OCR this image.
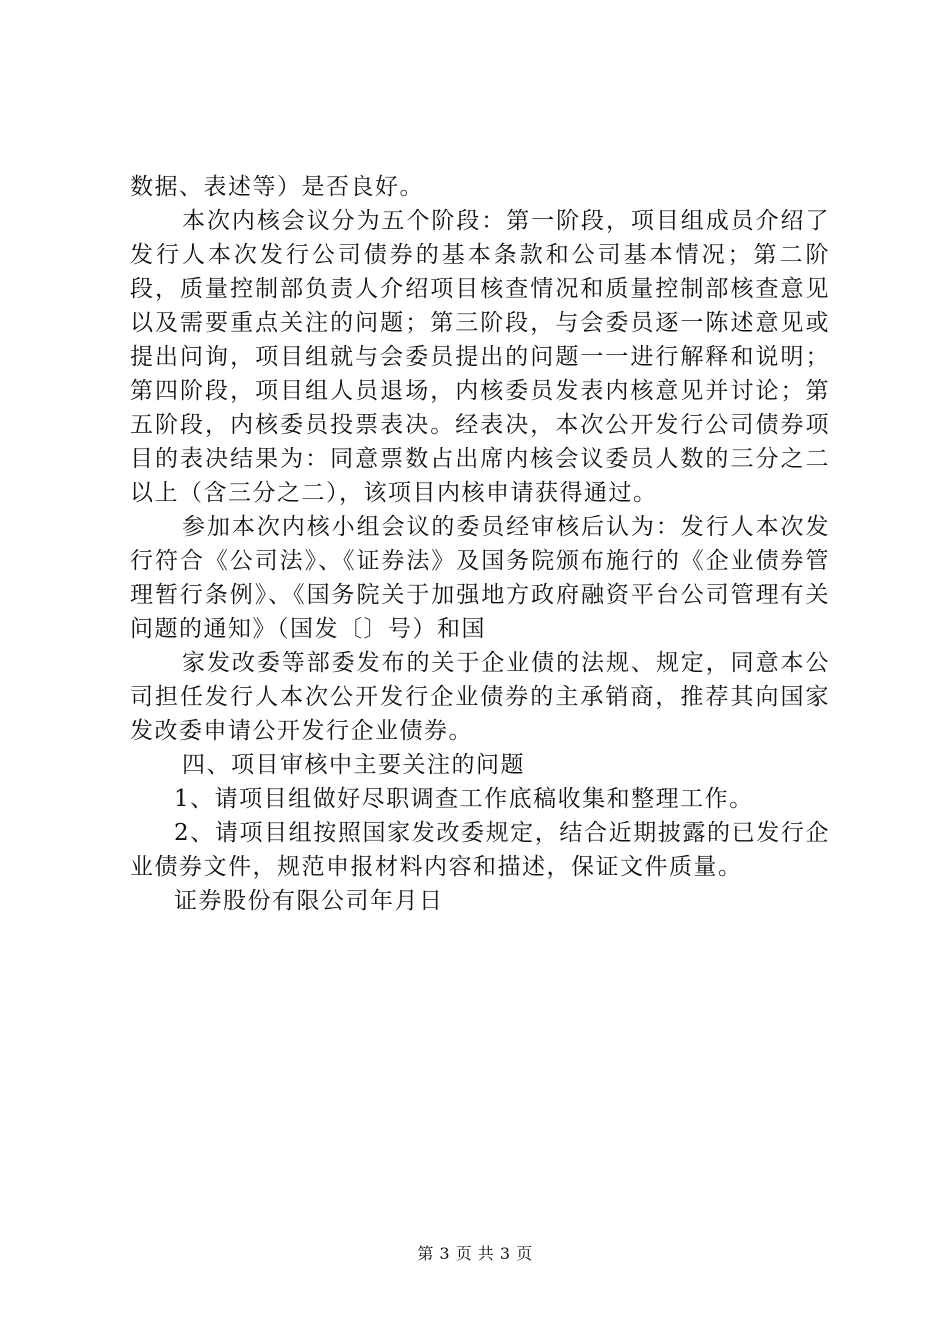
数据、表述等）是否良好。

本次内核会议分为五个阶段：第一阶段，项目组成员介绍了发行人本次发行公司债券的基本条款和公司基本情况；第二阶段，质量控制部负责人介绍项目核查情况和质量控制部核查意见以及需要重点关注的问题；第三阶段，与会委员逐一陈述意见或提出问询，项目组就与会委员提出的问题一一进行解释和说明；第四阶段，项目组人员退场，内核委员发表内核意见并讨论；第五阶段，内核委员投票表决。经表决，本次公开发行公司债券项目的表决结果为：同意票数占出席内核会议委员人数的三分之二以上（含三分之二），该项目内核申请获得通过。

参加本次内核小组会议的委员经审核后认为：发行人本次发行符合《公司法》、《证券法》及国务院颁布施行的《企业债券管理暂行条例》、《国务院关于加强地方政府融资平台公司管理有关问题的通知》（国发〔〕号）和国

家发改委等部委发布的关于企业债的法规、规定，同意本公司担任发行人本次公开发行企业债券的主承销商，推荐其向国家发改委申请公开发行企业债券。

四、项目审核中主要关注的问题

1、请项目组做好尽职调查工作底稿收集和整理工作。

2、请项目组按照国家发改委规定，结合近期披露的已发行企业债券文件，规范申报材料内容和描述，保证文件质量。

证券股份有限公司年月日

第 3 页 共 3 页
